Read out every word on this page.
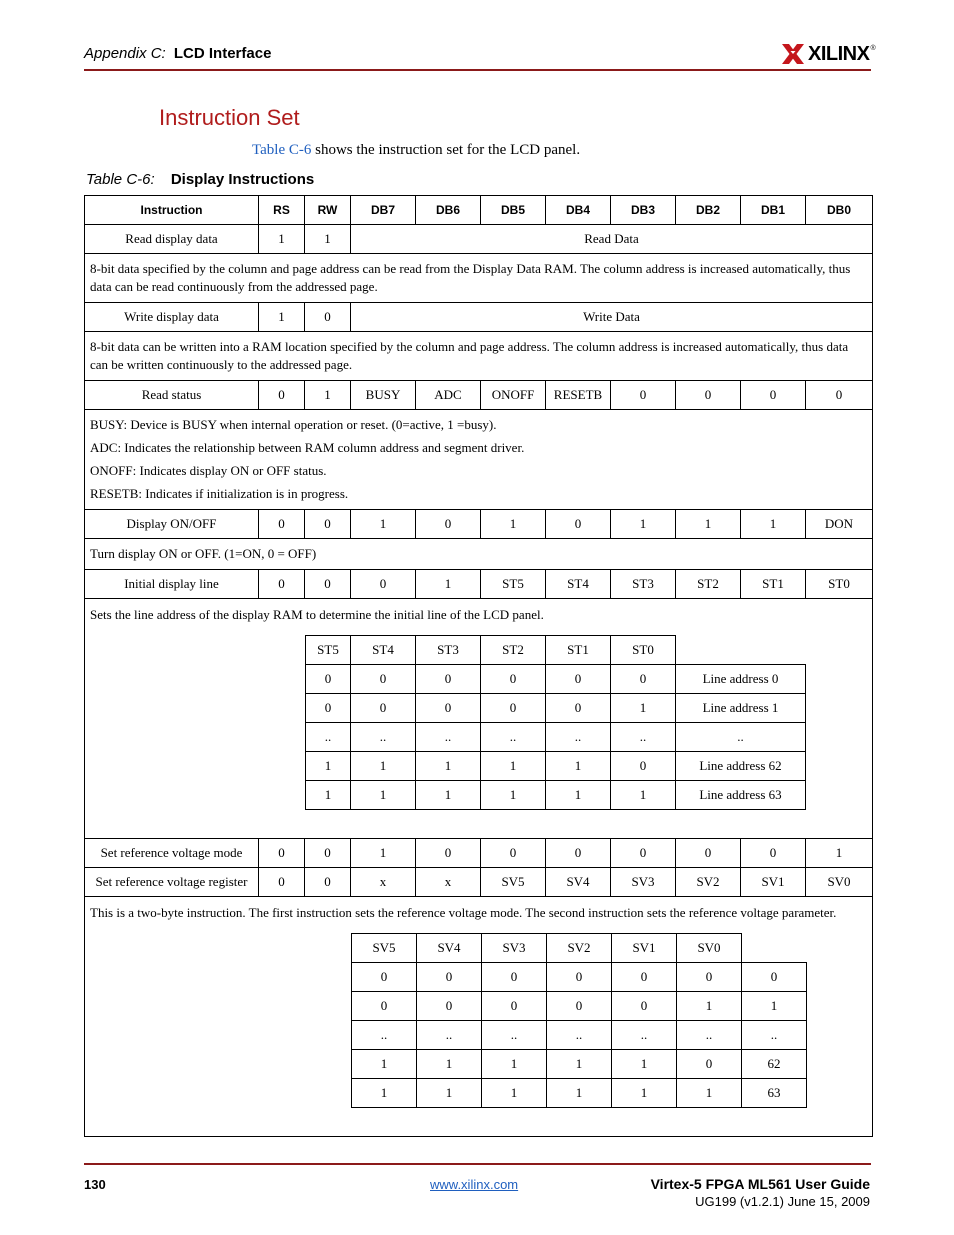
Appendix C: LCD Interface	XILINX ®
Instruction Set
Table C-6 shows the instruction set for the LCD panel.
Table C-6: Display Instructions
Instruction	RS	RW	DB7	DB6	DB5	DB4	DB3	DB2	DB1	DB0
Read display data	1	1	Read Data
8-bit data specified by the column and page address can be read from the Display Data RAM. The column address is increased automatically, thus data can be read continuously from the addressed page.
Write display data	1	0	Write Data
8-bit data can be written into a RAM location specified by the column and page address. The column address is increased automatically, thus data can be written continuously to the addressed page.
Read status	0	1	BUSY	ADC	ONOFF	RESETB	0	0	0	0

BUSY: Device is BUSY when internal operation or reset. (0=active, 1 =busy).

ADC: Indicates the relationship between RAM column address and segment driver.

ONOFF: Indicates display ON or OFF status.

RESETB: Indicates if initialization is in progress.

Display ON/OFF	0	0	1	0	1	0	1	1	1	DON
Turn display ON or OFF. (1=ON, 0 = OFF)
Initial display line	0	0	0	1	ST5	ST4	ST3	ST2	ST1	ST0

Sets the line address of the display RAM to determine the initial line of the LCD panel.
ST5	ST4	ST3	ST2	ST1	ST0	
0	0	0	0	0	0	Line address 0
0	0	0	0	0	1	Line address 1
..	..	..	..	..	..	..
1	1	1	1	1	0	Line address 62
1	1	1	1	1	1	Line address 63

Set reference voltage mode	0	0	1	0	0	0	0	0	0	1
Set reference voltage register	0	0	x	x	SV5	SV4	SV3	SV2	SV1	SV0

This is a two-byte instruction. The first instruction sets the reference voltage mode. The second instruction sets the reference voltage parameter.
SV5	SV4	SV3	SV2	SV1	SV0	
0	0	0	0	0	0	0
0	0	0	0	0	1	1
..	..	..	..	..	..	..
1	1	1	1	1	0	62
1	1	1	1	1	1	63
130	www.xilinx.com	Virtex-5 FPGA ML561 User Guide
UG199 (v1.2.1) June 15, 2009
